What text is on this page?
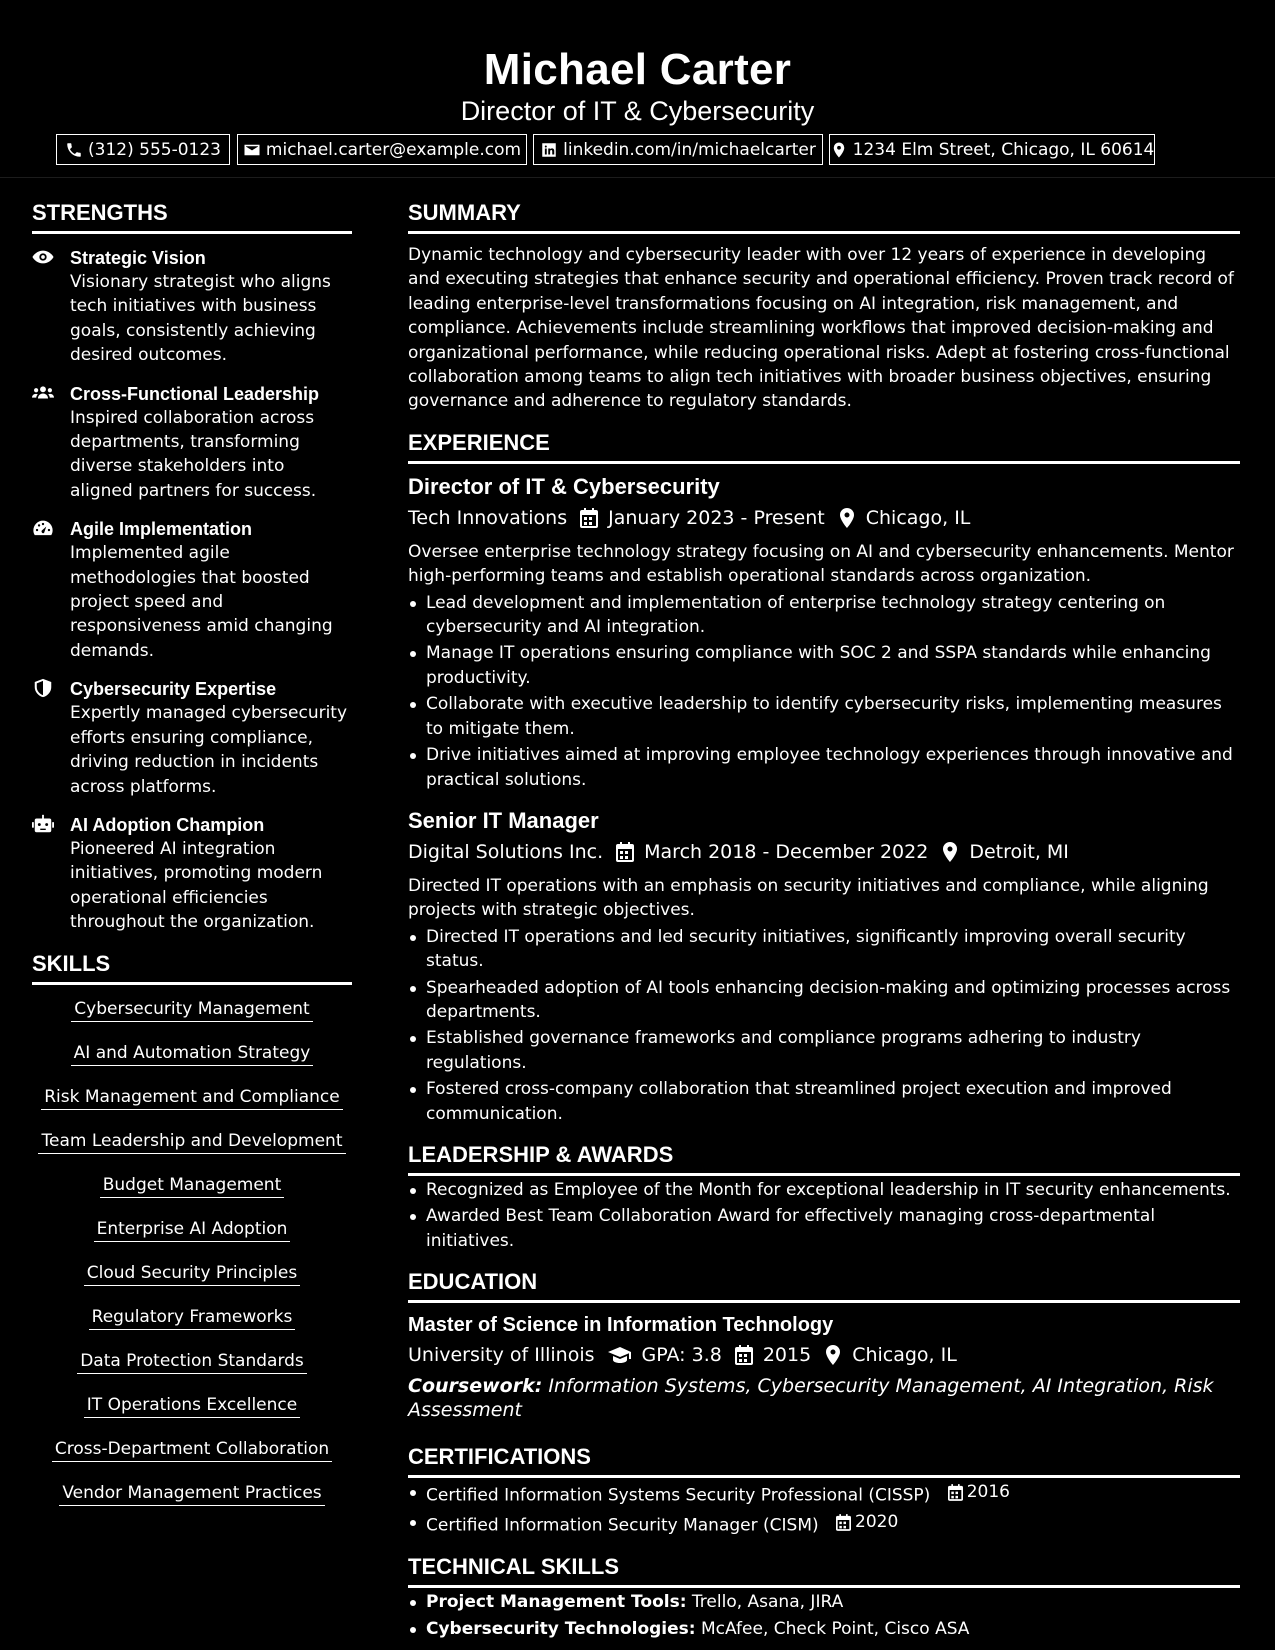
Michael Carter
Director of IT & Cybersecurity
(312) 555-0123	michael.carter@example.com linkedin.com/in/michaelcarter 1234 Elm Street, Chicago, IL 60614
STRENGTHS
Strategic Vision
Visionary strategist who aligns tech initiatives with business goals, consistently achieving desired outcomes.
Cross-Functional Leadership
Inspired collaboration across departments, transforming diverse stakeholders into aligned partners for success.
Agile Implementation
Implemented agile methodologies that boosted project speed and responsiveness amid changing demands.
Cybersecurity Expertise
Expertly managed cybersecurity efforts ensuring compliance, driving reduction in incidents across platforms.
AI Adoption Champion
Pioneered AI integration initiatives, promoting modern operational efficiencies throughout the organization.
SKILLS
Cybersecurity Management
AI and Automation Strategy
Risk Management and Compliance
Team Leadership and Development
Budget Management
Enterprise AI Adoption
Cloud Security Principles
Regulatory Frameworks
Data Protection Standards
IT Operations Excellence
Cross-Department Collaboration
Vendor Management Practices
SUMMARY
Dynamic technology and cybersecurity leader with over 12 years of experience in developing and executing strategies that enhance security and operational efficiency. Proven track record of leading enterprise-level transformations focusing on AI integration, risk management, and compliance. Achievements include streamlining workflows that improved decision-making and organizational performance, while reducing operational risks. Adept at fostering cross-functional collaboration among teams to align tech initiatives with broader business objectives, ensuring governance and adherence to regulatory standards.
EXPERIENCE
Director of IT & Cybersecurity
Tech Innovations January 2023 - Present Chicago, IL
Oversee enterprise technology strategy focusing on AI and cybersecurity enhancements. Mentor high-performing teams and establish operational standards across organization.
Lead development and implementation of enterprise technology strategy centering on cybersecurity and AI integration.
Manage IT operations ensuring compliance with SOC 2 and SSPA standards while enhancing productivity.
Collaborate with executive leadership to identify cybersecurity risks, implementing measures to mitigate them.
Drive initiatives aimed at improving employee technology experiences through innovative and practical solutions.
Senior IT Manager
Digital Solutions Inc. March 2018 - December 2022 Detroit, MI
Directed IT operations with an emphasis on security initiatives and compliance, while aligning projects with strategic objectives.
Directed IT operations and led security initiatives, significantly improving overall security status.
Spearheaded adoption of AI tools enhancing decision-making and optimizing processes across departments.
Established governance frameworks and compliance programs adhering to industry regulations.
Fostered cross-company collaboration that streamlined project execution and improved communication.
LEADERSHIP & AWARDS
Recognized as Employee of the Month for exceptional leadership in IT security enhancements.
Awarded Best Team Collaboration Award for effectively managing cross-departmental initiatives.
EDUCATION
Master of Science in Information Technology
University of Illinois GPA: 3.8 2015 Chicago, IL
Coursework: Information Systems, Cybersecurity Management, AI Integration, Risk Assessment
CERTIFICATIONS
Certified Information Systems Security Professional (CISSP) 2016
Certified Information Security Manager (CISM) 2020
TECHNICAL SKILLS
Project Management Tools: Trello, Asana, JIRA
Cybersecurity Technologies: McAfee, Check Point, Cisco ASA
